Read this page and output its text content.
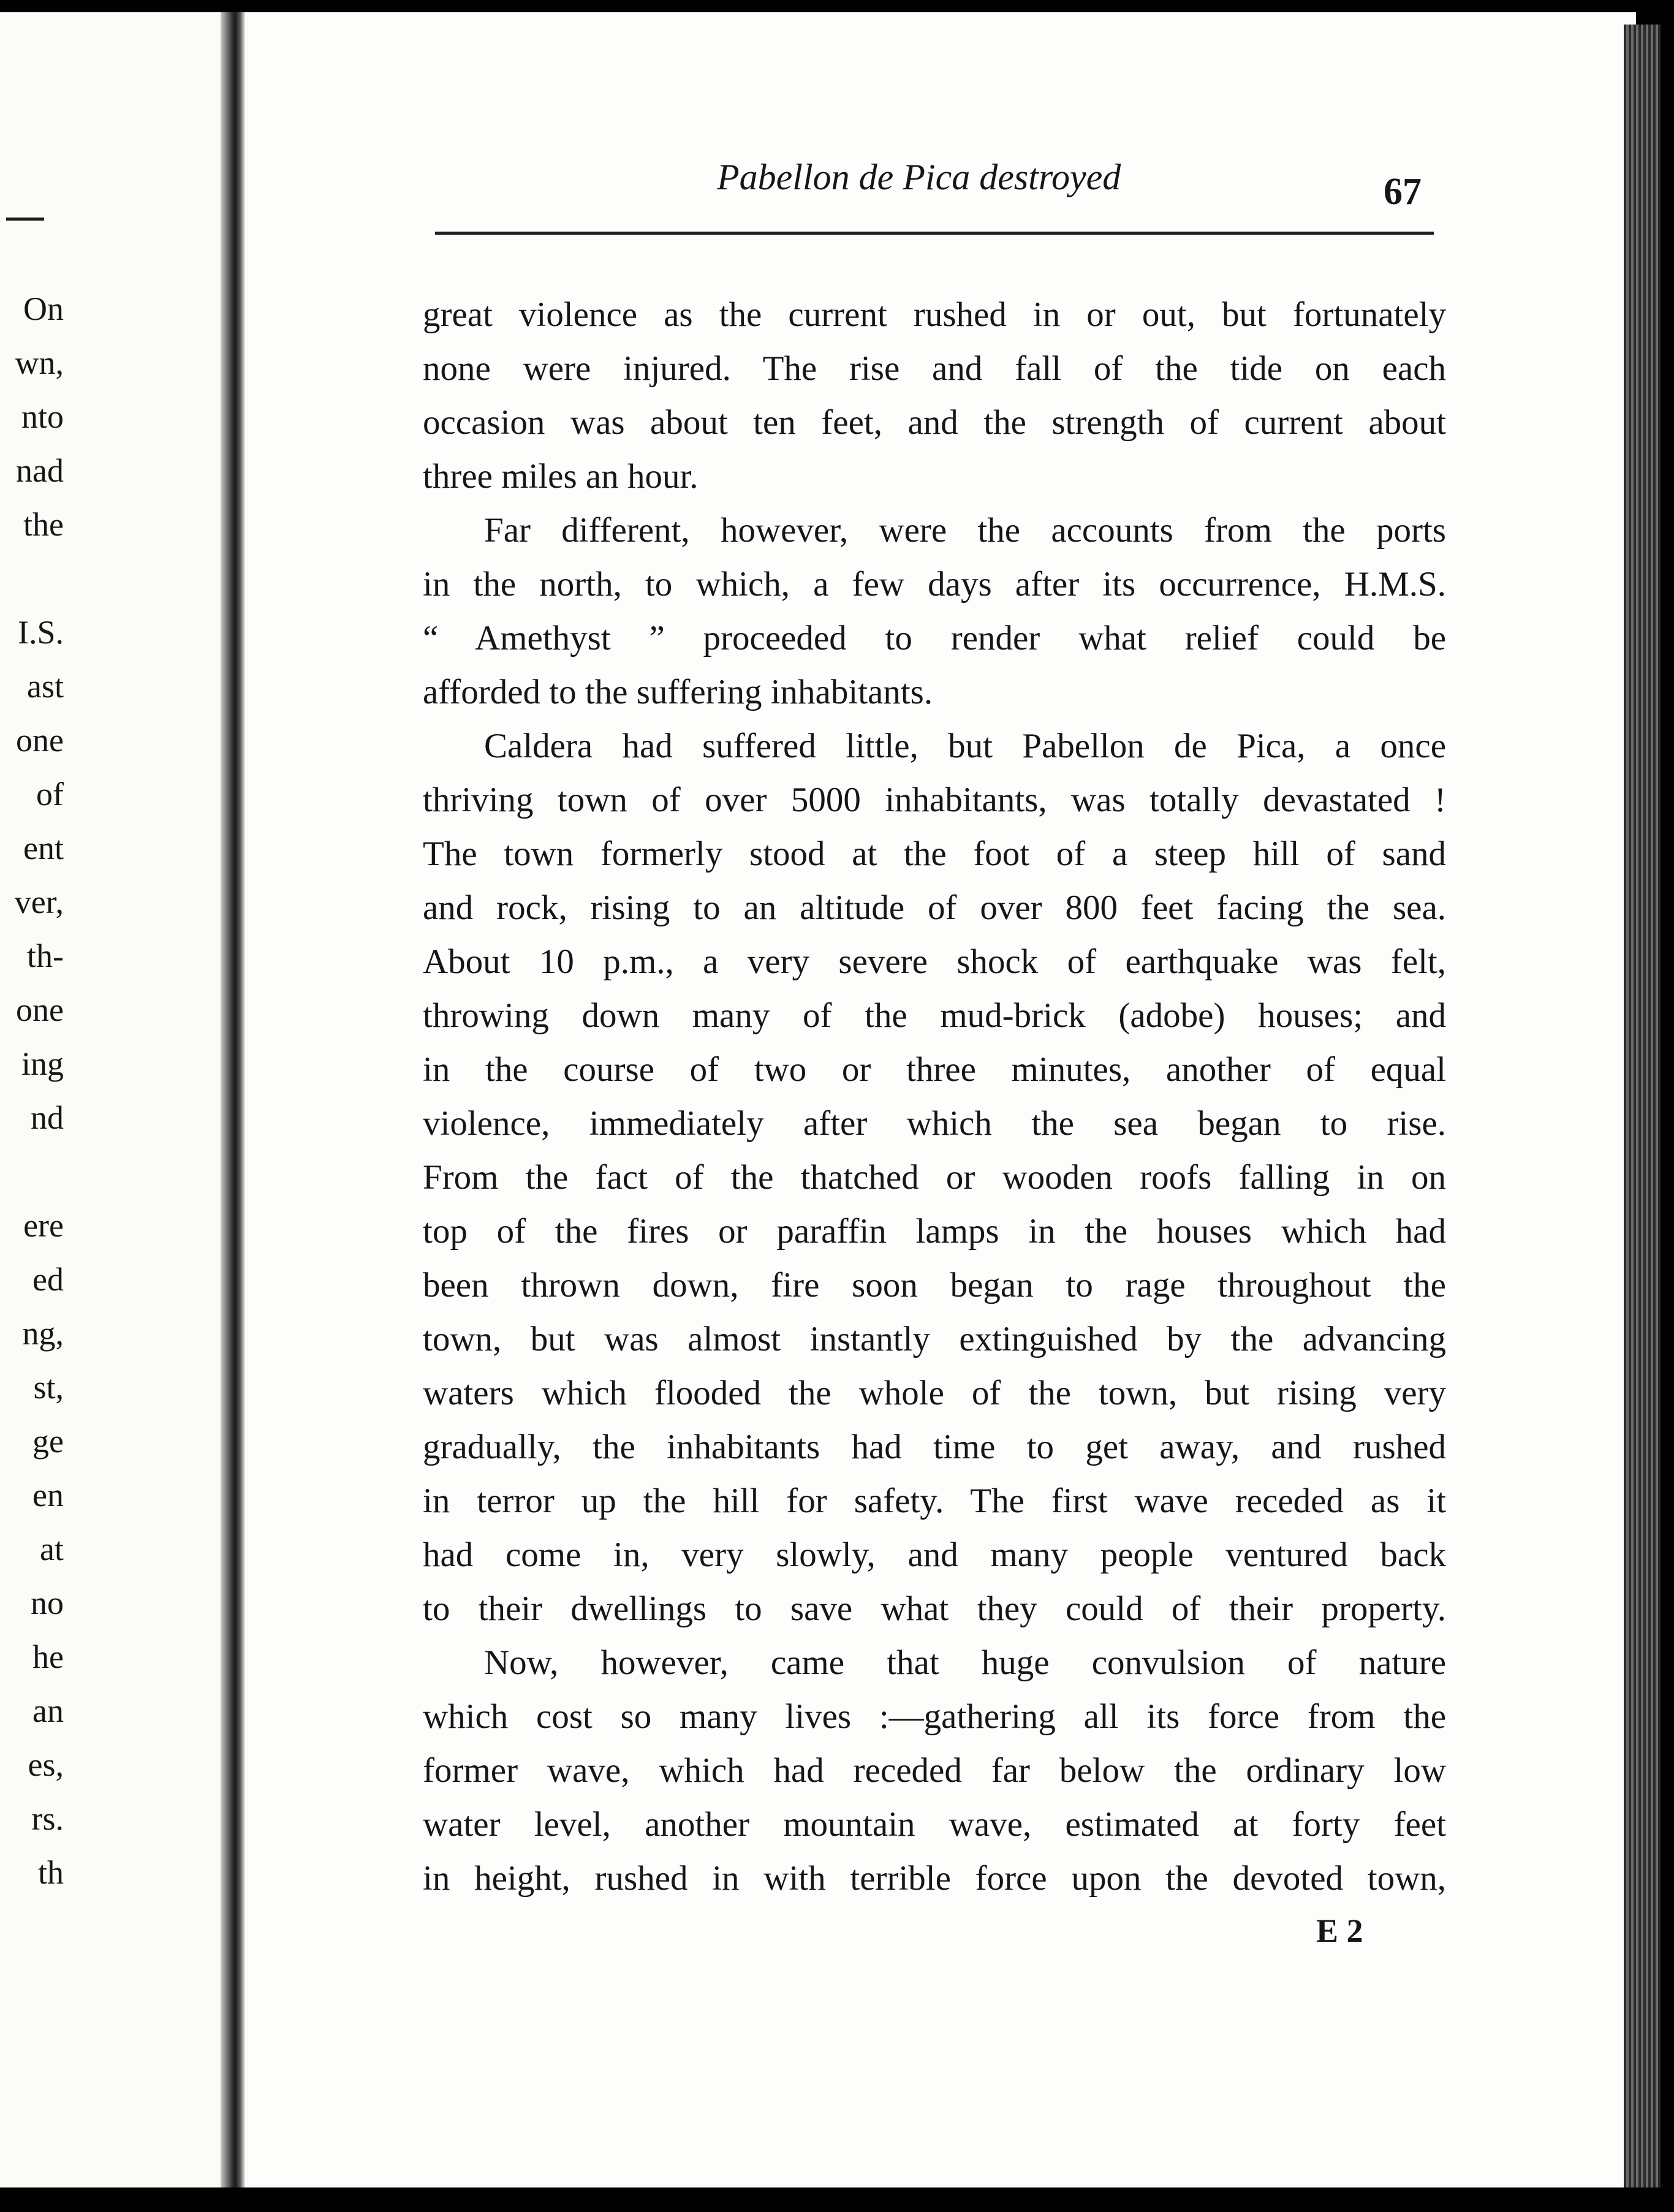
On
wn,
nto
nad
the
I.S.
ast
one
of
ent
ver,
th-
one
ing
nd
ere
ed
ng,
st,
ge
en
at
no
he
an
es,
rs.
th
Pabellon de Pica destroyed	67
great violence as the current rushed in or out, but fortunately
none were injured. The rise and fall of the tide on each
occasion was about ten feet, and the strength of current about
three miles an hour.
Far different, however, were the accounts from the ports
in the north, to which, a few days after its occurrence, H.M.S.
“ Amethyst ” proceeded to render what relief could be
afforded to the suffering inhabitants.
Caldera had suffered little, but Pabellon de Pica, a once
thriving town of over 5000 inhabitants, was totally devastated !
The town formerly stood at the foot of a steep hill of sand
and rock, rising to an altitude of over 800 feet facing the sea.
About 10 p.m., a very severe shock of earthquake was felt,
throwing down many of the mud-brick (adobe) houses; and
in the course of two or three minutes, another of equal
violence, immediately after which the sea began to rise.
From the fact of the thatched or wooden roofs falling in on
top of the fires or paraffin lamps in the houses which had
been thrown down, fire soon began to rage throughout the
town, but was almost instantly extinguished by the advancing
waters which flooded the whole of the town, but rising very
gradually, the inhabitants had time to get away, and rushed
in terror up the hill for safety. The first wave receded as it
had come in, very slowly, and many people ventured back
to their dwellings to save what they could of their property.
Now, however, came that huge convulsion of nature
which cost so many lives :—gathering all its force from the
former wave, which had receded far below the ordinary low
water level, another mountain wave, estimated at forty feet
in height, rushed in with terrible force upon the devoted town,
E 2
